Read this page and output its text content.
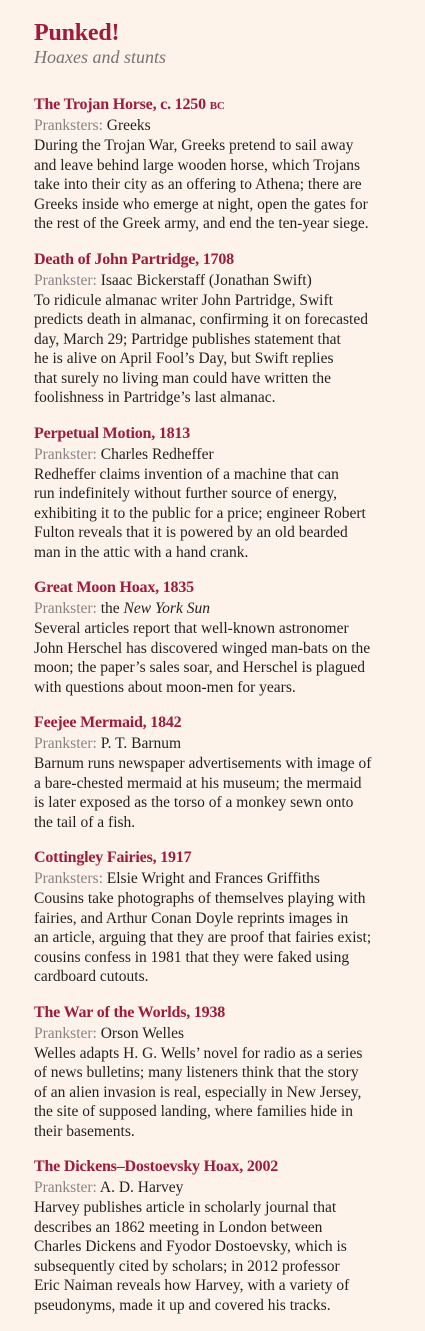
Punked!

Hoaxes and stunts

The Trojan Horse, c. 1250 bc

Pranksters: Greeks

During the Trojan War, Greeks pretend to sail away
and leave behind large wooden horse, which Trojans
take into their city as an offering to Athena; there are
Greeks inside who emerge at night, open the gates for
the rest of the Greek army, and end the ten-year siege.

Death of John Partridge, 1708

Prankster: Isaac Bickerstaff (Jonathan Swift)

To ridicule almanac writer John Partridge, Swift
predicts death in almanac, confirming it on forecasted
day, March 29; Partridge publishes statement that
he is alive on April Fool’s Day, but Swift replies
that surely no living man could have written the
foolishness in Partridge’s last almanac.

Perpetual Motion, 1813

Prankster: Charles Redheffer

Redheffer claims invention of a machine that can
run indefinitely without further source of energy,
exhibiting it to the public for a price; engineer Robert
Fulton reveals that it is powered by an old bearded
man in the attic with a hand crank.

Great Moon Hoax, 1835

Prankster: the New York Sun

Several articles report that well-known astronomer
John Herschel has discovered winged man-bats on the
moon; the paper’s sales soar, and Herschel is plagued
with questions about moon-men for years.

Feejee Mermaid, 1842

Prankster: P. T. Barnum

Barnum runs newspaper advertisements with image of
a bare-chested mermaid at his museum; the mermaid
is later exposed as the torso of a monkey sewn onto
the tail of a fish.

Cottingley Fairies, 1917

Pranksters: Elsie Wright and Frances Griffiths

Cousins take photographs of themselves playing with
fairies, and Arthur Conan Doyle reprints images in
an article, arguing that they are proof that fairies exist;
cousins confess in 1981 that they were faked using
cardboard cutouts.

The War of the Worlds, 1938

Prankster: Orson Welles

Welles adapts H. G. Wells’ novel for radio as a series
of news bulletins; many listeners think that the story
of an alien invasion is real, especially in New Jersey,
the site of supposed landing, where families hide in
their basements.

The Dickens–Dostoevsky Hoax, 2002

Prankster: A. D. Harvey

Harvey publishes article in scholarly journal that
describes an 1862 meeting in London between
Charles Dickens and Fyodor Dostoevsky, which is
subsequently cited by scholars; in 2012 professor
Eric Naiman reveals how Harvey, with a variety of
pseudonyms, made it up and covered his tracks.
